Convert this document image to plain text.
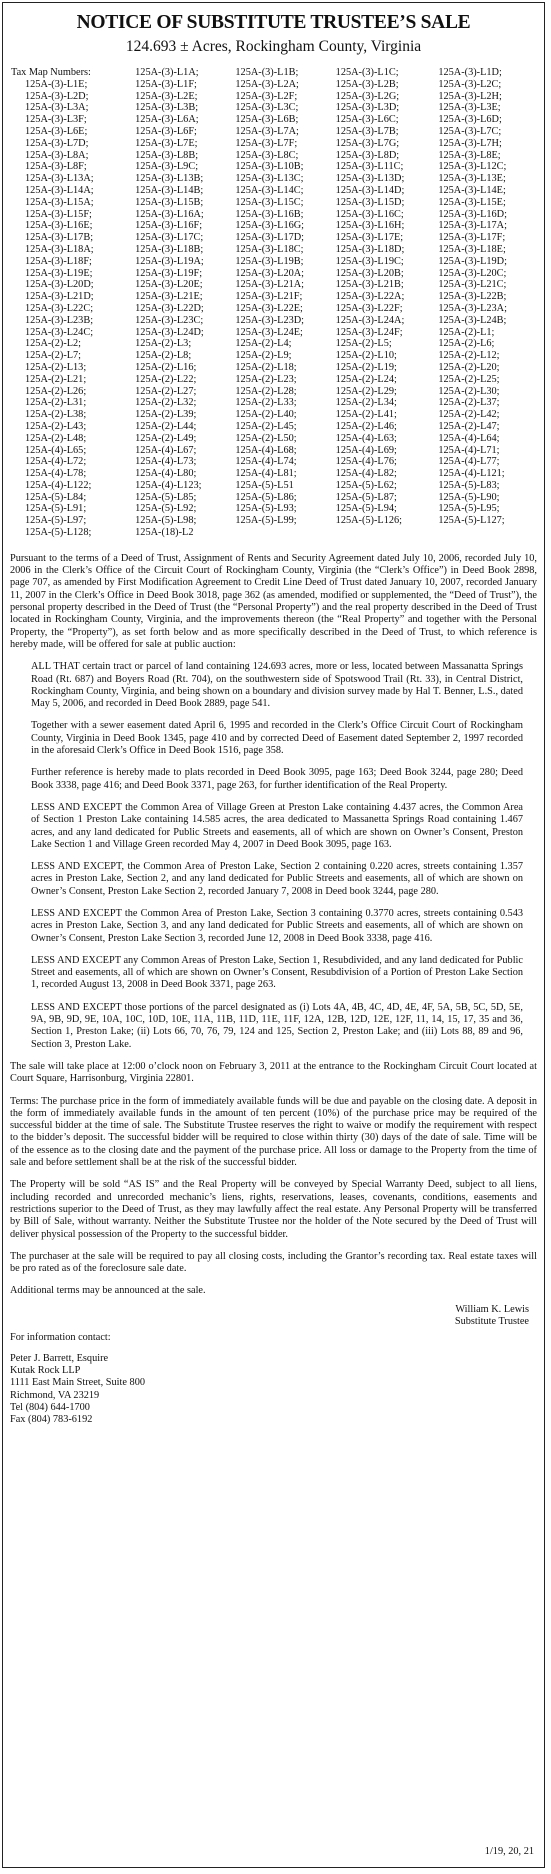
NOTICE OF SUBSTITUTE TRUSTEE’S SALE
124.693 ± Acres, Rockingham County, Virginia
Tax Map Numbers:	125A-(3)-L1A;	125A-(3)-L1B;	125A-(3)-L1C;	125A-(3)-L1D;
125A-(3)-L1E;	125A-(3)-L1F;	125A-(3)-L2A;	125A-(3)-L2B;	125A-(3)-L2C;
125A-(3)-L2D;	125A-(3)-L2E;	125A-(3)-L2F;	125A-(3)-L2G;	125A-(3)-L2H;
125A-(3)-L3A;	125A-(3)-L3B;	125A-(3)-L3C;	125A-(3)-L3D;	125A-(3)-L3E;
125A-(3)-L3F;	125A-(3)-L6A;	125A-(3)-L6B;	125A-(3)-L6C;	125A-(3)-L6D;
125A-(3)-L6E;	125A-(3)-L6F;	125A-(3)-L7A;	125A-(3)-L7B;	125A-(3)-L7C;
125A-(3)-L7D;	125A-(3)-L7E;	125A-(3)-L7F;	125A-(3)-L7G;	125A-(3)-L7H;
125A-(3)-L8A;	125A-(3)-L8B;	125A-(3)-L8C;	125A-(3)-L8D;	125A-(3)-L8E;
125A-(3)-L8F;	125A-(3)-L9C;	125A-(3)-L10B;	125A-(3)-L11C;	125A-(3)-L12C;
125A-(3)-L13A;	125A-(3)-L13B;	125A-(3)-L13C;	125A-(3)-L13D;	125A-(3)-L13E;
125A-(3)-L14A;	125A-(3)-L14B;	125A-(3)-L14C;	125A-(3)-L14D;	125A-(3)-L14E;
125A-(3)-L15A;	125A-(3)-L15B;	125A-(3)-L15C;	125A-(3)-L15D;	125A-(3)-L15E;
125A-(3)-L15F;	125A-(3)-L16A;	125A-(3)-L16B;	125A-(3)-L16C;	125A-(3)-L16D;
125A-(3)-L16E;	125A-(3)-L16F;	125A-(3)-L16G;	125A-(3)-L16H;	125A-(3)-L17A;
125A-(3)-L17B;	125A-(3)-L17C;	125A-(3)-L17D;	125A-(3)-L17E;	125A-(3)-L17F;
125A-(3)-L18A;	125A-(3)-L18B;	125A-(3)-L18C;	125A-(3)-L18D;	125A-(3)-L18E;
125A-(3)-L18F;	125A-(3)-L19A;	125A-(3)-L19B;	125A-(3)-L19C;	125A-(3)-L19D;
125A-(3)-L19E;	125A-(3)-L19F;	125A-(3)-L20A;	125A-(3)-L20B;	125A-(3)-L20C;
125A-(3)-L20D;	125A-(3)-L20E;	125A-(3)-L21A;	125A-(3)-L21B;	125A-(3)-L21C;
125A-(3)-L21D;	125A-(3)-L21E;	125A-(3)-L21F;	125A-(3)-L22A;	125A-(3)-L22B;
125A-(3)-L22C;	125A-(3)-L22D;	125A-(3)-L22E;	125A-(3)-L22F;	125A-(3)-L23A;
125A-(3)-L23B;	125A-(3)-L23C;	125A-(3)-L23D;	125A-(3)-L24A;	125A-(3)-L24B;
125A-(3)-L24C;	125A-(3)-L24D;	125A-(3)-L24E;	125A-(3)-L24F;	125A-(2)-L1;
125A-(2)-L2;	125A-(2)-L3;	125A-(2)-L4;	125A-(2)-L5;	125A-(2)-L6;
125A-(2)-L7;	125A-(2)-L8;	125A-(2)-L9;	125A-(2)-L10;	125A-(2)-L12;
125A-(2)-L13;	125A-(2)-L16;	125A-(2)-L18;	125A-(2)-L19;	125A-(2)-L20;
125A-(2)-L21;	125A-(2)-L22;	125A-(2)-L23;	125A-(2)-L24;	125A-(2)-L25;
125A-(2)-L26;	125A-(2)-L27;	125A-(2)-L28;	125A-(2)-L29;	125A-(2)-L30;
125A-(2)-L31;	125A-(2)-L32;	125A-(2)-L33;	125A-(2)-L34;	125A-(2)-L37;
125A-(2)-L38;	125A-(2)-L39;	125A-(2)-L40;	125A-(2)-L41;	125A-(2)-L42;
125A-(2)-L43;	125A-(2)-L44;	125A-(2)-L45;	125A-(2)-L46;	125A-(2)-L47;
125A-(2)-L48;	125A-(2)-L49;	125A-(2)-L50;	125A-(4)-L63;	125A-(4)-L64;
125A-(4)-L65;	125A-(4)-L67;	125A-(4)-L68;	125A-(4)-L69;	125A-(4)-L71;
125A-(4)-L72;	125A-(4)-L73;	125A-(4)-L74;	125A-(4)-L76;	125A-(4)-L77;
125A-(4)-L78;	125A-(4)-L80;	125A-(4)-L81;	125A-(4)-L82;	125A-(4)-L121;
125A-(4)-L122;	125A-(4)-L123;	125A-(5)-L51	125A-(5)-L62;	125A-(5)-L83;
125A-(5)-L84;	125A-(5)-L85;	125A-(5)-L86;	125A-(5)-L87;	125A-(5)-L90;
125A-(5)-L91;	125A-(5)-L92;	125A-(5)-L93;	125A-(5)-L94;	125A-(5)-L95;
125A-(5)-L97;	125A-(5)-L98;	125A-(5)-L99;	125A-(5)-L126;	125A-(5)-L127;
125A-(5)-L128;	125A-(18)-L2			

Pursuant to the terms of a Deed of Trust, Assignment of Rents and Security Agreement dated July 10, 2006, recorded July 10, 2006 in the Clerk’s Office of the Circuit Court of Rockingham County, Virginia (the “Clerk’s Office”) in Deed Book 2898, page 707, as amended by First Modification Agreement to Credit Line Deed of Trust dated January 10, 2007, recorded January 11, 2007 in the Clerk’s Office in Deed Book 3018, page 362 (as amended, modified or supplemented, the “Deed of Trust”), the personal property described in the Deed of Trust (the “Personal Property”) and the real property described in the Deed of Trust located in Rockingham County, Virginia, and the improvements thereon (the “Real Property” and together with the Personal Property, the “Property”), as set forth below and as more specifically described in the Deed of Trust, to which reference is hereby made, will be offered for sale at public auction:

ALL THAT certain tract or parcel of land containing 124.693 acres, more or less, located between Massanatta Springs Road (Rt. 687) and Boyers Road (Rt. 704), on the southwestern side of Spotswood Trail (Rt. 33), in Central District, Rockingham County, Virginia, and being shown on a boundary and division survey made by Hal T. Benner, L.S., dated May 5, 2006, and recorded in Deed Book 2889, page 541.

Together with a sewer easement dated April 6, 1995 and recorded in the Clerk’s Office Circuit Court of Rockingham County, Virginia in Deed Book 1345, page 410 and by corrected Deed of Easement dated September 2, 1997 recorded in the aforesaid Clerk’s Office in Deed Book 1516, page 358.

Further reference is hereby made to plats recorded in Deed Book 3095, page 163; Deed Book 3244, page 280; Deed Book 3338, page 416; and Deed Book 3371, page 263, for further identification of the Real Property.

LESS AND EXCEPT the Common Area of Village Green at Preston Lake containing 4.437 acres, the Common Area of Section 1 Preston Lake containing 14.585 acres, the area dedicated to Massanetta Springs Road containing 1.467 acres, and any land dedicated for Public Streets and easements, all of which are shown on Owner’s Consent, Preston Lake Section 1 and Village Green recorded May 4, 2007 in Deed Book 3095, page 163.

LESS AND EXCEPT, the Common Area of Preston Lake, Section 2 containing 0.220 acres, streets containing 1.357 acres in Preston Lake, Section 2, and any land dedicated for Public Streets and easements, all of which are shown on Owner’s Consent, Preston Lake Section 2, recorded January 7, 2008 in Deed book 3244, page 280.

LESS AND EXCEPT the Common Area of Preston Lake, Section 3 containing 0.3770 acres, streets containing 0.543 acres in Preston Lake, Section 3, and any land dedicated for Public Streets and easements, all of which are shown on Owner’s Consent, Preston Lake Section 3, recorded June 12, 2008 in Deed Book 3338, page 416.

LESS AND EXCEPT any Common Areas of Preston Lake, Section 1, Resubdivided, and any land dedicated for Public Street and easements, all of which are shown on Owner’s Consent, Resubdivision of a Portion of Preston Lake Section 1, recorded August 13, 2008 in Deed Book 3371, page 263.

LESS AND EXCEPT those portions of the parcel designated as (i) Lots 4A, 4B, 4C, 4D, 4E, 4F, 5A, 5B, 5C, 5D, 5E, 9A, 9B, 9D, 9E, 10A, 10C, 10D, 10E, 11A, 11B, 11D, 11E, 11F, 12A, 12B, 12D, 12E, 12F, 11, 14, 15, 17, 35 and 36, Section 1, Preston Lake; (ii) Lots 66, 70, 76, 79, 124 and 125, Section 2, Preston Lake; and (iii) Lots 88, 89 and 96, Section 3, Preston Lake.

The sale will take place at 12:00 o’clock noon on February 3, 2011 at the entrance to the Rockingham Circuit Court located at Court Square, Harrisonburg, Virginia 22801.

Terms: The purchase price in the form of immediately available funds will be due and payable on the closing date. A deposit in the form of immediately available funds in the amount of ten percent (10%) of the purchase price may be required of the successful bidder at the time of sale. The Substitute Trustee reserves the right to waive or modify the requirement with respect to the bidder’s deposit. The successful bidder will be required to close within thirty (30) days of the date of sale. Time will be of the essence as to the closing date and the payment of the purchase price. All loss or damage to the Property from the time of sale and before settlement shall be at the risk of the successful bidder.

The Property will be sold “AS IS” and the Real Property will be conveyed by Special Warranty Deed, subject to all liens, including recorded and unrecorded mechanic’s liens, rights, reservations, leases, covenants, conditions, easements and restrictions superior to the Deed of Trust, as they may lawfully affect the real estate. Any Personal Property will be transferred by Bill of Sale, without warranty. Neither the Substitute Trustee nor the holder of the Note secured by the Deed of Trust will deliver physical possession of the Property to the successful bidder.

The purchaser at the sale will be required to pay all closing costs, including the Grantor’s recording tax. Real estate taxes will be pro rated as of the foreclosure sale date.

Additional terms may be announced at the sale.

William K. Lewis
Substitute Trustee

For information contact:

Peter J. Barrett, Esquire
Kutak Rock LLP
1111 East Main Street, Suite 800
Richmond, VA 23219
Tel (804) 644-1700
Fax (804) 783-6192
1/19, 20, 21
